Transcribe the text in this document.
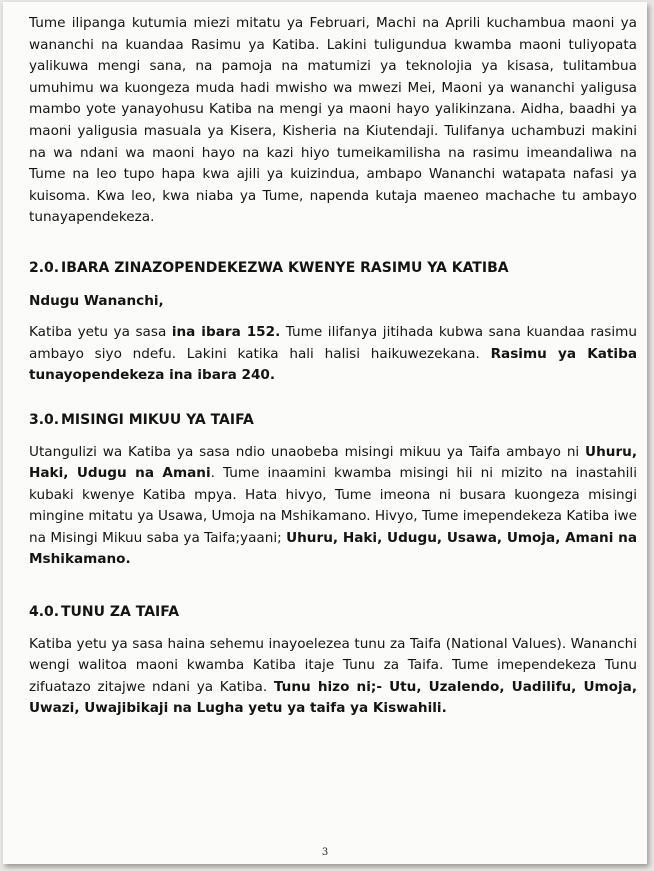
Tume ilipanga kutumia miezi mitatu ya Februari, Machi na Aprili kuchambua maoni ya wananchi na kuandaa Rasimu ya Katiba. Lakini tuligundua kwamba maoni tuliyopata yalikuwa mengi sana, na pamoja na matumizi ya teknolojia ya kisasa, tulitambua umuhimu wa kuongeza muda hadi mwisho wa mwezi Mei, Maoni ya wananchi yaligusa mambo yote yanayohusu Katiba na mengi ya maoni hayo yalikinzana. Aidha, baadhi ya maoni yaligusia masuala ya Kisera, Kisheria na Kiutendaji. Tulifanya uchambuzi makini na wa ndani wa maoni hayo na kazi hiyo tumeikamilisha na rasimu imeandaliwa na Tume na leo tupo hapa kwa ajili ya kuizindua, ambapo Wananchi watapata nafasi ya kuisoma. Kwa leo, kwa niaba ya Tume, napenda kutaja maeneo machache tu ambayo tunayapendekeza.

2.0. IBARA ZINAZOPENDEKEZWA KWENYE RASIMU YA KATIBA

Ndugu Wananchi,

Katiba yetu ya sasa ina ibara 152. Tume ilifanya jitihada kubwa sana kuandaa rasimu ambayo siyo ndefu. Lakini katika hali halisi haikuwezekana. Rasimu ya Katiba tunayopendekeza ina ibara 240.

3.0. MISINGI MIKUU YA TAIFA

Utangulizi wa Katiba ya sasa ndio unaobeba misingi mikuu ya Taifa ambayo ni Uhuru, Haki, Udugu na Amani. Tume inaamini kwamba misingi hii ni mizito na inastahili kubaki kwenye Katiba mpya. Hata hivyo, Tume imeona ni busara kuongeza misingi mingine mitatu ya Usawa, Umoja na Mshikamano. Hivyo, Tume imependekeza Katiba iwe na Misingi Mikuu saba ya Taifa;yaani; Uhuru, Haki, Udugu, Usawa, Umoja, Amani na Mshikamano.

4.0. TUNU ZA TAIFA

Katiba yetu ya sasa haina sehemu inayoelezea tunu za Taifa (National Values). Wananchi wengi walitoa maoni kwamba Katiba itaje Tunu za Taifa. Tume imependekeza Tunu zifuatazo zitajwe ndani ya Katiba. Tunu hizo ni;- Utu, Uzalendo, Uadilifu, Umoja, Uwazi, Uwajibikaji na Lugha yetu ya taifa ya Kiswahili.

3
